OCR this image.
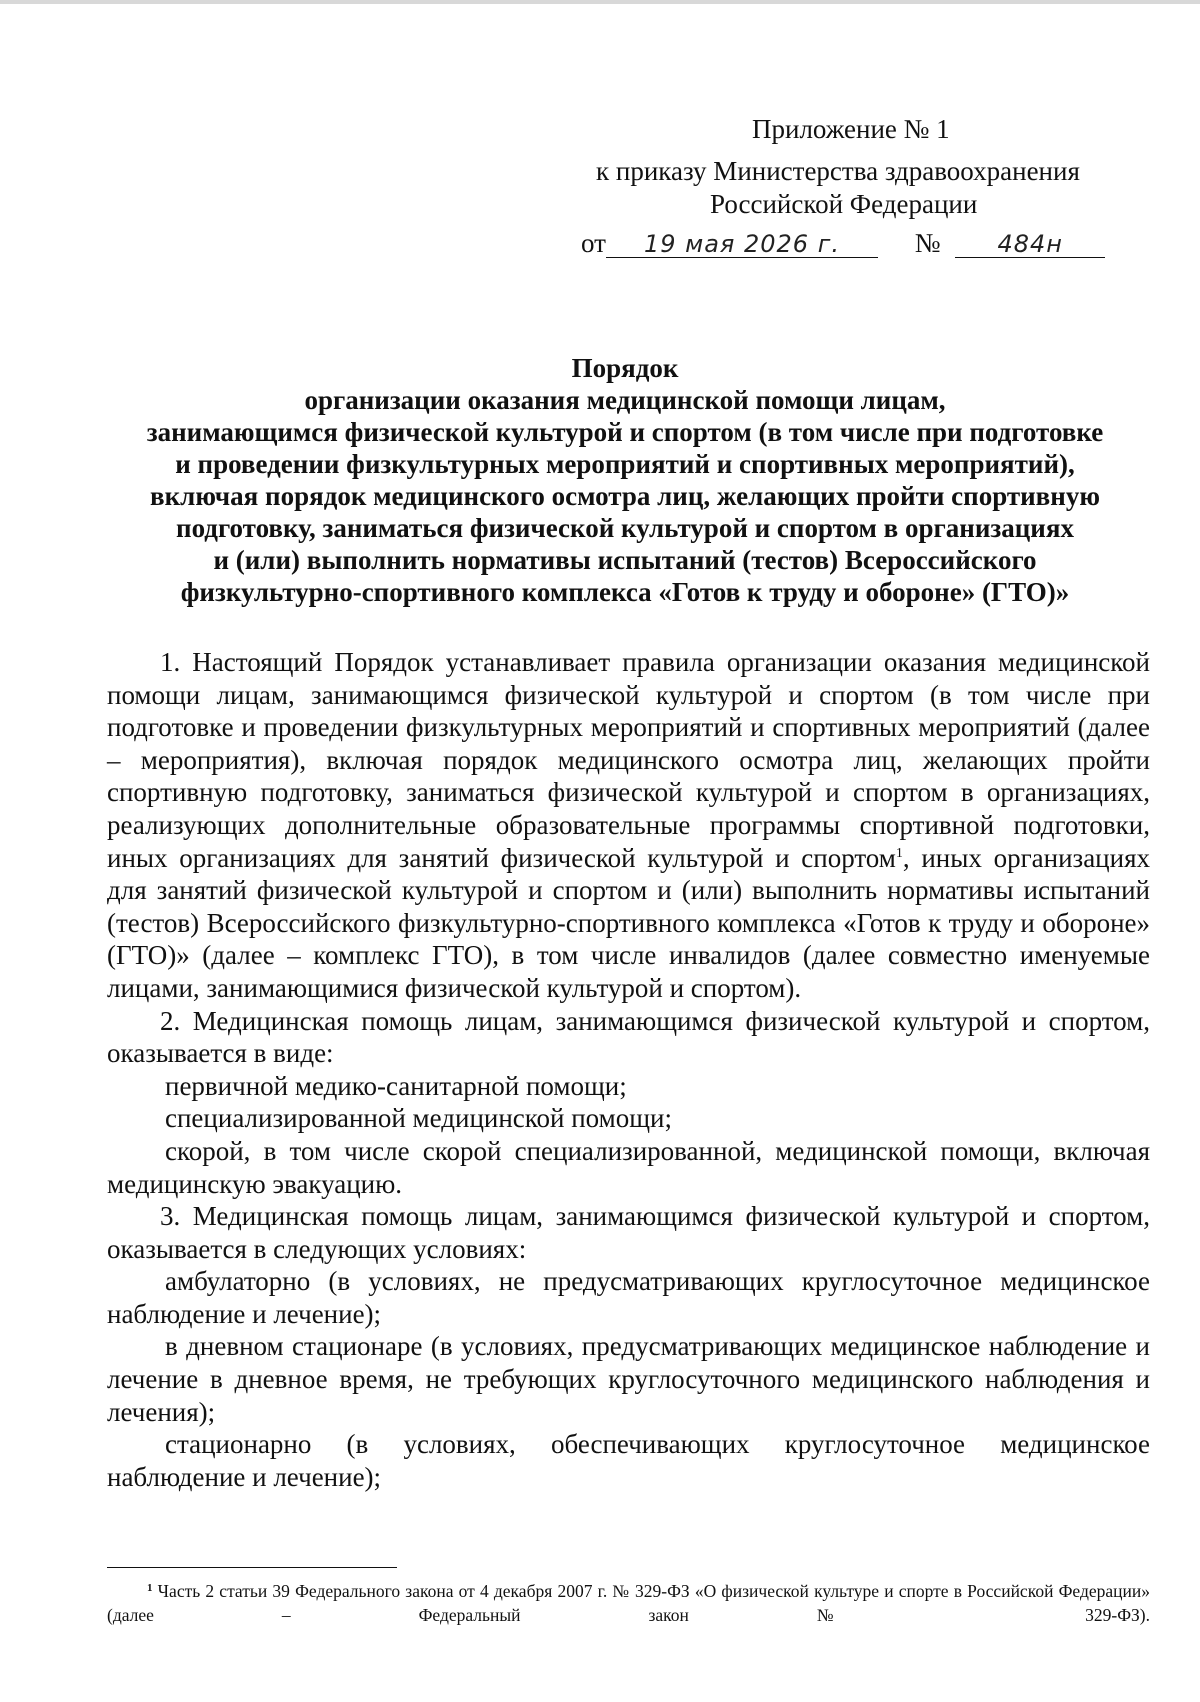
Приложение № 1
к приказу Министерства здравоохранения
Российской Федерации
от 19 мая 2026 г.	№ 484н
Порядок
организации оказания медицинской помощи лицам,
занимающимся физической культурой и спортом (в том числе при подготовке
и проведении физкультурных мероприятий и спортивных мероприятий),
включая порядок медицинского осмотра лиц, желающих пройти спортивную
подготовку, заниматься физической культурой и спортом в организациях
и (или) выполнить нормативы испытаний (тестов) Всероссийского
физкультурно-спортивного комплекса «Готов к труду и обороне» (ГТО)»

1. Настоящий Порядок устанавливает правила организации оказания медицинской помощи лицам, занимающимся физической культурой и спортом (в том числе при подготовке и проведении физкультурных мероприятий и спортивных мероприятий (далее – мероприятия), включая порядок медицинского осмотра лиц, желающих пройти спортивную подготовку, заниматься физической культурой и спортом в организациях, реализующих дополнительные образовательные программы спортивной подготовки, иных организациях для занятий физической культурой и спортом$^1$, иных организациях для занятий физической культурой и спортом и (или) выполнить нормативы испытаний (тестов) Всероссийского физкультурно-спортивного комплекса «Готов к труду и обороне» (ГТО)» (далее – комплекс ГТО), в том числе инвалидов (далее совместно именуемые лицами, занимающимися физической культурой и спортом).

2. Медицинская помощь лицам, занимающимся физической культурой и спортом, оказывается в виде:

первичной медико-санитарной помощи;

специализированной медицинской помощи;

скорой, в том числе скорой специализированной, медицинской помощи, включая медицинскую эвакуацию.

3. Медицинская помощь лицам, занимающимся физической культурой и спортом, оказывается в следующих условиях:

амбулаторно (в условиях, не предусматривающих круглосуточное медицинское наблюдение и лечение);

в дневном стационаре (в условиях, предусматривающих медицинское наблюдение и лечение в дневное время, не требующих круглосуточного медицинского наблюдения и лечения);

стационарно (в условиях, обеспечивающих круглосуточное медицинское наблюдение и лечение);

$^1$ Часть 2 статьи 39 Федерального закона от 4 декабря 2007 г. № 329-ФЗ «О физической культуре и спорте в Российской Федерации» (далее – Федеральный закон № 329-ФЗ).
